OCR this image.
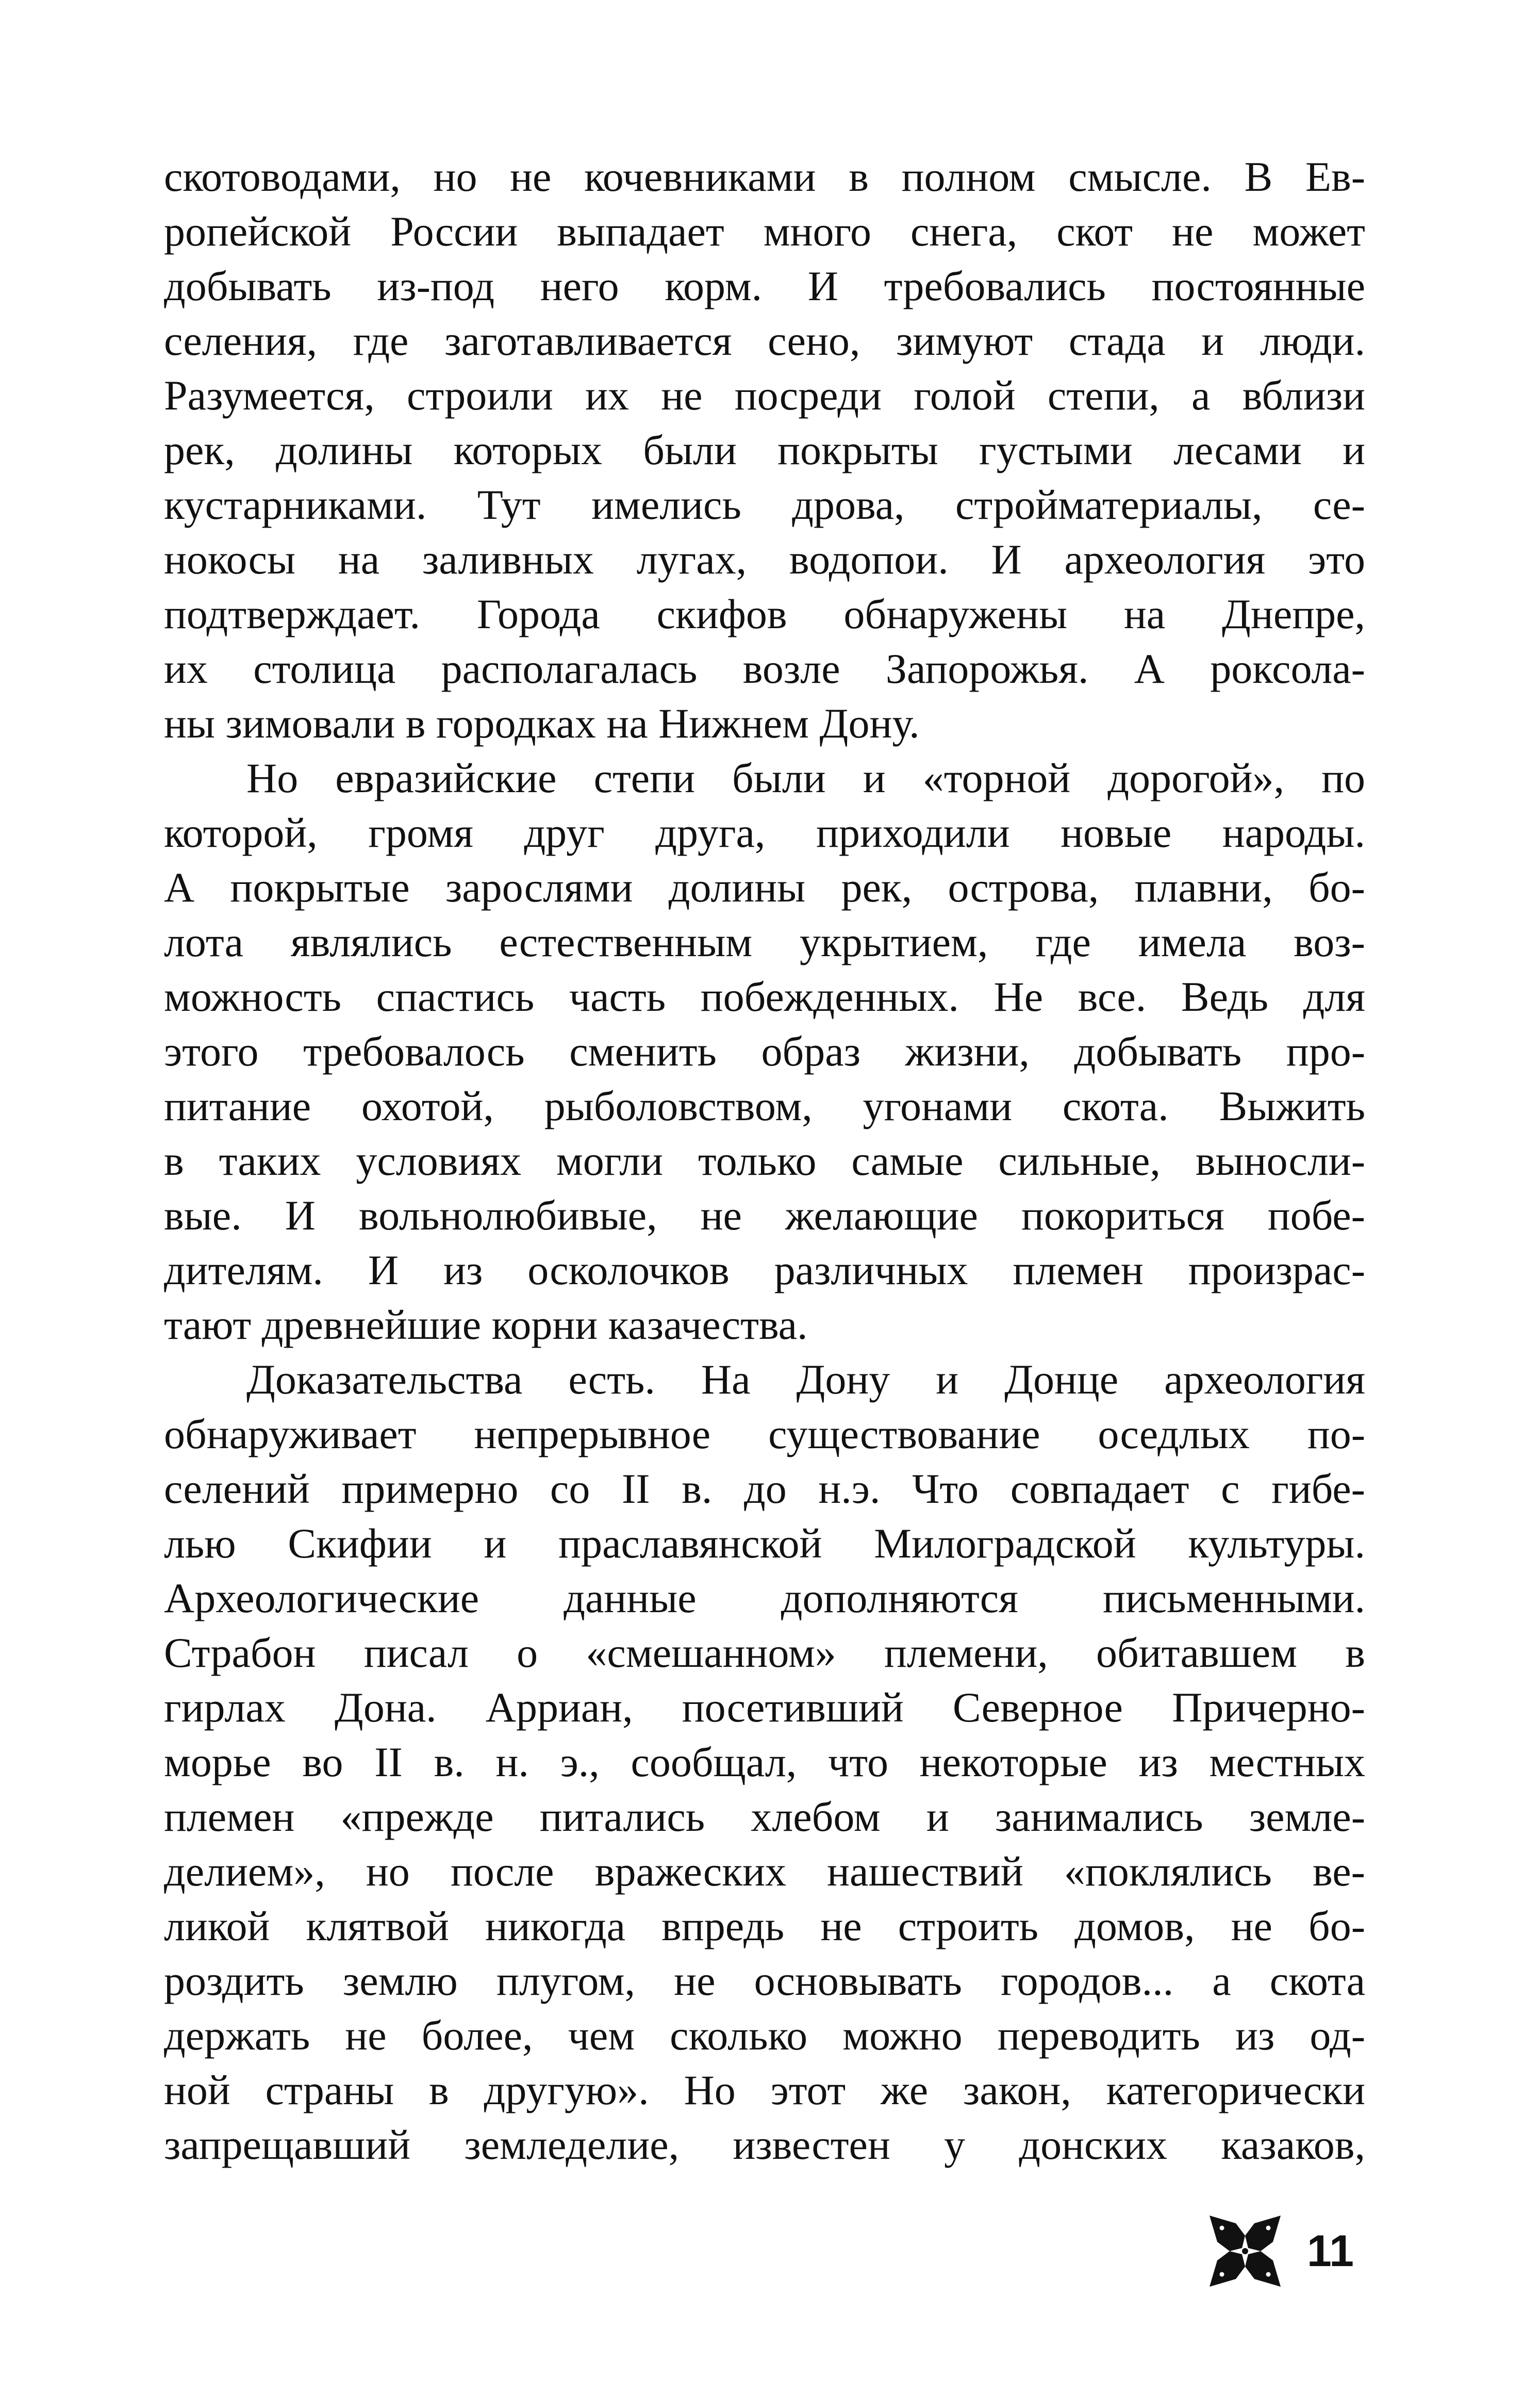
скотоводами, но не кочевниками в полном смысле. В Ев-
ропейской России выпадает много снега, скот не может
добывать из-под него корм. И требовались постоянные
селения, где заготавливается сено, зимуют стада и люди.
Разумеется, строили их не посреди голой степи, а вблизи
рек, долины которых были покрыты густыми лесами и
кустарниками. Тут имелись дрова, стройматериалы, се-
нокосы на заливных лугах, водопои. И археология это
подтверждает. Города скифов обнаружены на Днепре,
их столица располагалась возле Запорожья. А роксола-
ны зимовали в городках на Нижнем Дону.
Но евразийские степи были и «торной дорогой», по
которой, громя друг друга, приходили новые народы.
А покрытые зарослями долины рек, острова, плавни, бо-
лота являлись естественным укрытием, где имела воз-
можность спастись часть побежденных. Не все. Ведь для
этого требовалось сменить образ жизни, добывать про-
питание охотой, рыболовством, угонами скота. Выжить
в таких условиях могли только самые сильные, выносли-
вые. И вольнолюбивые, не желающие покориться побе-
дителям. И из осколочков различных племен произрас-
тают древнейшие корни казачества.
Доказательства есть. На Дону и Донце археология
обнаруживает непрерывное существование оседлых по-
селений примерно со II в. до н.э. Что совпадает с гибе-
лью Скифии и праславянской Милоградской культуры.
Археологические данные дополняются письменными.
Страбон писал о «смешанном» племени, обитавшем в
гирлах Дона. Арриан, посетивший Северное Причерно-
морье во II в. н. э., сообщал, что некоторые из местных
племен «прежде питались хлебом и занимались земле-
делием», но после вражеских нашествий «поклялись ве-
ликой клятвой никогда впредь не строить домов, не бо-
роздить землю плугом, не основывать городов... а скота
держать не более, чем сколько можно переводить из од-
ной страны в другую». Но этот же закон, категорически
запрещавший земледелие, известен у донских казаков,
11
